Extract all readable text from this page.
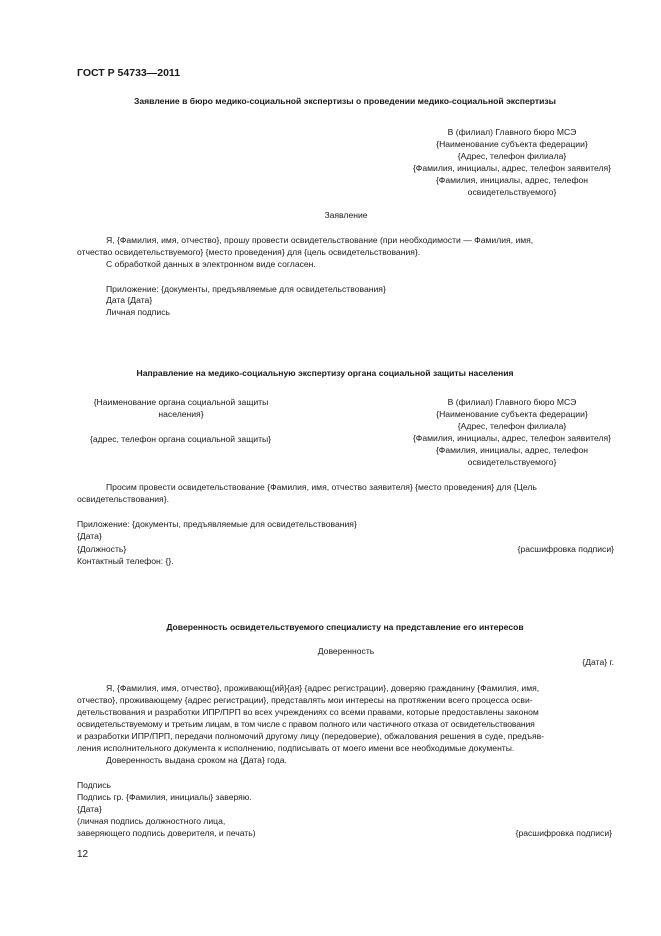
ГОСТ Р 54733—2011
Заявление в бюро медико-социальной экспертизы о проведении медико-социальной экспертизы
В (филиал) Главного бюро МСЭ
{Наименование субъекта федерации}
{Адрес, телефон филиала}
{Фамилия, инициалы, адрес, телефон заявителя}
{Фамилия, инициалы, адрес, телефон
освидетельствуемого}
Заявление
Я, {Фамилия, имя, отчество}, прошу провести освидетельствование (при необходимости — Фамилия, имя,
отчество освидетельствуемого} {место проведения} для {цель освидетельствования}.
С обработкой данных в электронном виде согласен.
Приложение: {документы, предъявляемые для освидетельствования}
Дата {Дата}
Личная подпись
Направление на медико-социальную экспертизу органа социальной защиты населения
{Наименование органа социальной защиты
населения}
{адрес, телефон органа социальной защиты}
В (филиал) Главного бюро МСЭ
{Наименование субъекта федерации}
{Адрес, телефон филиала}
{Фамилия, инициалы, адрес, телефон заявителя}
{Фамилия, инициалы, адрес, телефон
освидетельствуемого}
Просим провести освидетельствование {Фамилия, имя, отчество заявителя} {место проведения} для {Цель
освидетельствования}.
Приложение: {документы, предъявляемые для освидетельствования}
{Дата}
{Должность}	{расшифровка подписи}
Контактный телефон: {}.
Доверенность освидетельствуемого специалисту на представление его интересов
Доверенность
{Дата} г.
Я, {Фамилия, имя, отчество}, проживающ{ий}{ая} {адрес регистрации}, доверяю гражданину {Фамилия, имя,
отчество}, проживающему {адрес регистрации}, представлять мои интересы на протяжении всего процесса осви-
детельствования и разработки ИПР/ПРП во всех учреждениях со всеми правами, которые предоставлены законом
освидетельствуемому и третьим лицам, в том числе с правом полного или частичного отказа от освидетельствования
и разработки ИПР/ПРП, передачи полномочий другому лицу (передоверие), обжалования решения в суде, предъяв-
ления исполнительного документа к исполнению, подписывать от моего имени все необходимые документы.
Доверенность выдана сроком на {Дата} года.
Подпись
Подпись гр. {Фамилия, инициалы} заверяю.
{Дата}
(личная подпись должностного лица,
заверяющего подпись доверителя, и печать)	{расшифровка подписи}
12
